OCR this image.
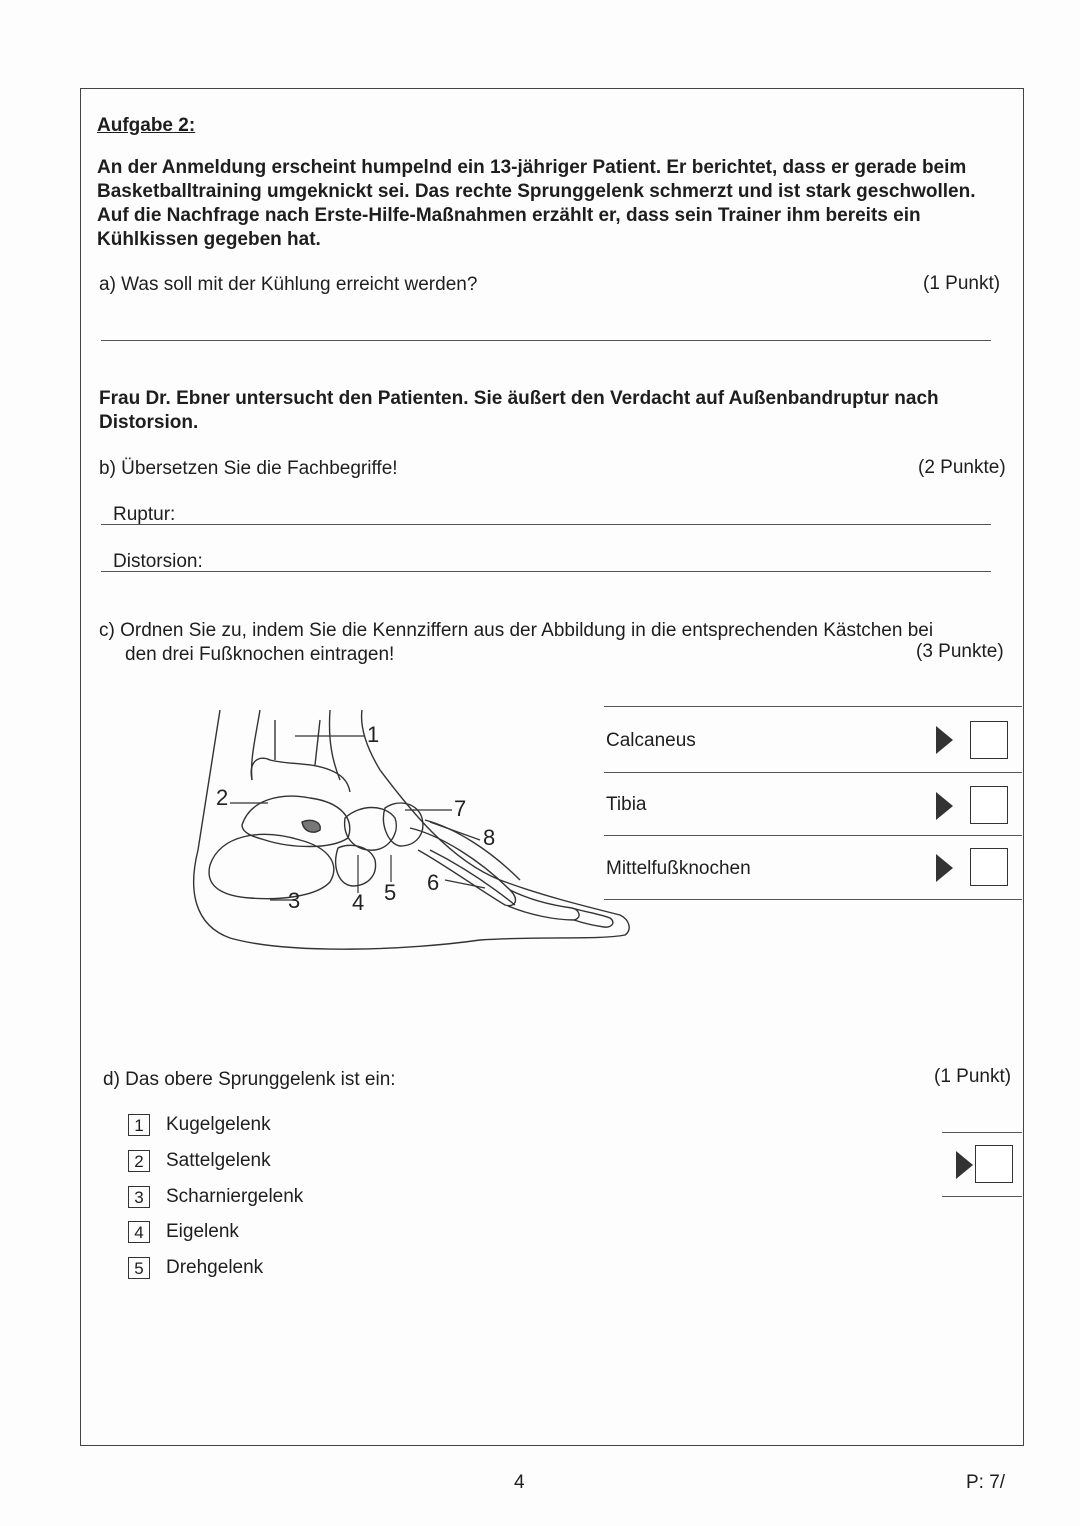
Aufgabe 2:
An der Anmeldung erscheint humpelnd ein 13-jähriger Patient. Er berichtet, dass er gerade beim Basketballtraining umgeknickt sei. Das rechte Sprunggelenk schmerzt und ist stark geschwollen. Auf die Nachfrage nach Erste-Hilfe-Maßnahmen erzählt er, dass sein Trainer ihm bereits ein Kühlkissen gegeben hat.
a) Was soll mit der Kühlung erreicht werden?	(1 Punkt)
Frau Dr. Ebner untersucht den Patienten. Sie äußert den Verdacht auf Außenbandruptur nach Distorsion.
b) Übersetzen Sie die Fachbegriffe!	(2 Punkte)
Ruptur:
Distorsion:
c) Ordnen Sie zu, indem Sie die Kennziffern aus der Abbildung in die entsprechenden Kästchen bei
den drei Fußknochen eintragen!	(3 Punkte)
1
2
3 4 5 6
7
8
Calcaneus
Tibia
Mittelfußknochen
d) Das obere Sprunggelenk ist ein:	(1 Punkt)
1	Kugelgelenk
2	Sattelgelenk
3	Scharniergelenk
4	Eigelenk
5	Drehgelenk
4	P: 7/
